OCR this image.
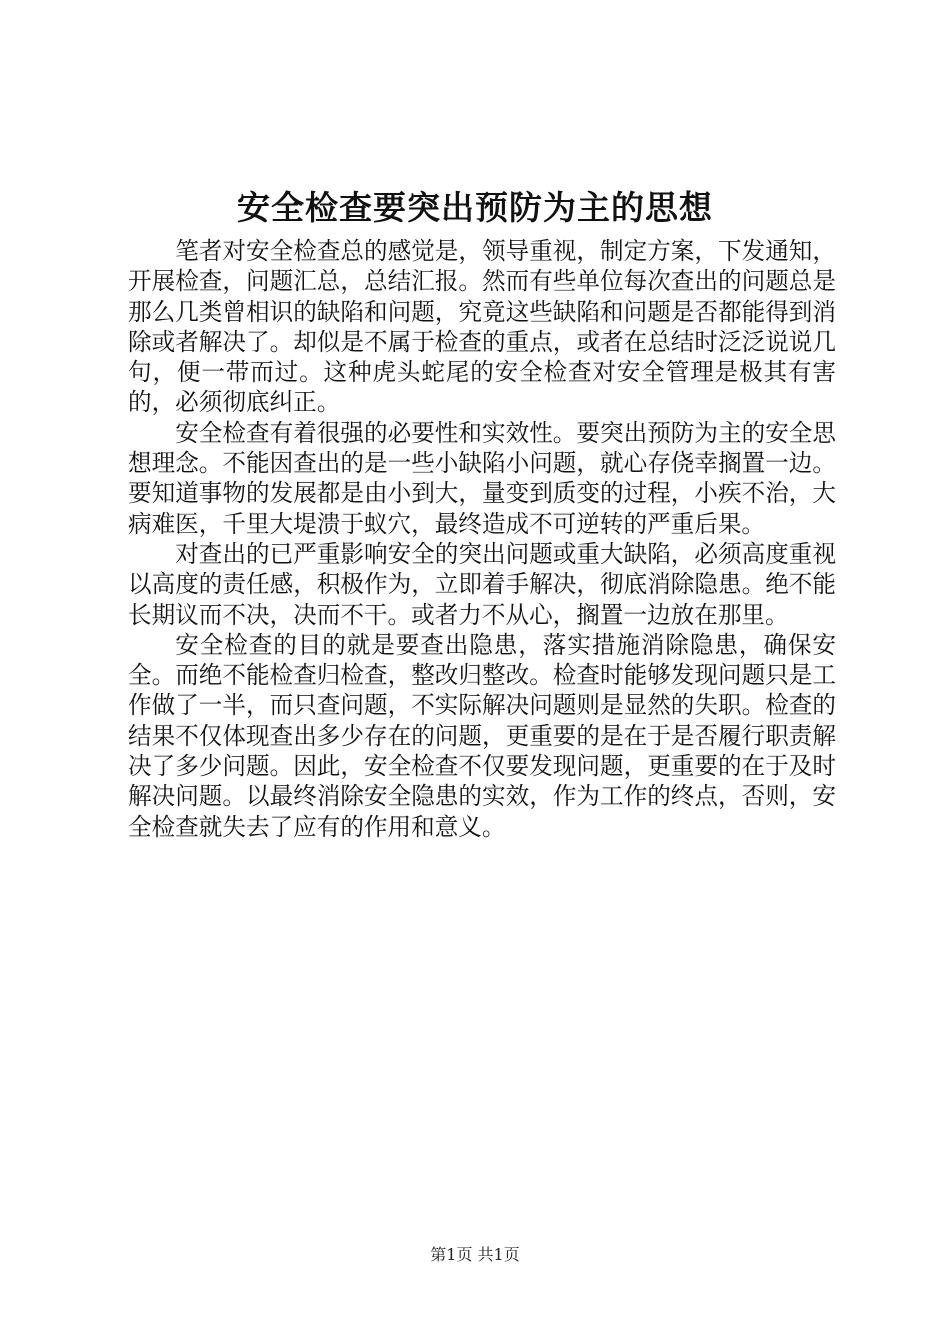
安全检查要突出预防为主的思想

笔者对安全检查总的感觉是，领导重视，制定方案，下发通知，开展检查，问题汇总，总结汇报。然而有些单位每次查出的问题总是那么几类曾相识的缺陷和问题，究竟这些缺陷和问题是否都能得到消除或者解决了。却似是不属于检查的重点，或者在总结时泛泛说说几句，便一带而过。这种虎头蛇尾的安全检查对安全管理是极其有害的，必须彻底纠正。

安全检查有着很强的必要性和实效性。要突出预防为主的安全思想理念。不能因查出的是一些小缺陷小问题，就心存侥幸搁置一边。要知道事物的发展都是由小到大，量变到质变的过程，小疾不治，大病难医，千里大堤溃于蚁穴，最终造成不可逆转的严重后果。

对查出的已严重影响安全的突出问题或重大缺陷，必须高度重视以高度的责任感，积极作为，立即着手解决，彻底消除隐患。绝不能长期议而不决，决而不干。或者力不从心，搁置一边放在那里。

安全检查的目的就是要查出隐患，落实措施消除隐患，确保安全。而绝不能检查归检查，整改归整改。检查时能够发现问题只是工作做了一半，而只查问题，不实际解决问题则是显然的失职。检查的结果不仅体现查出多少存在的问题，更重要的是在于是否履行职责解决了多少问题。因此，安全检查不仅要发现问题，更重要的在于及时解决问题。以最终消除安全隐患的实效，作为工作的终点，否则，安全检查就失去了应有的作用和意义。

第1页 共1页
